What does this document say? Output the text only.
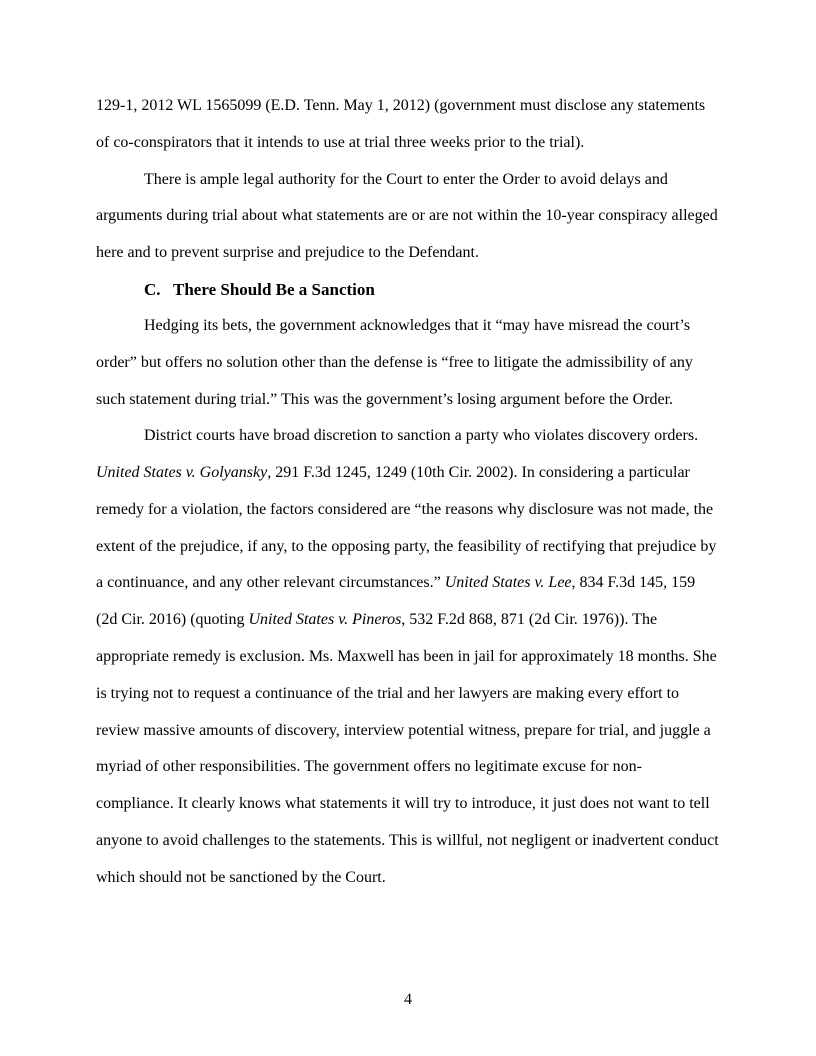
129-1, 2012 WL 1565099 (E.D. Tenn. May 1, 2012) (government must disclose any statements

of co-conspirators that it intends to use at trial three weeks prior to the trial).

There is ample legal authority for the Court to enter the Order to avoid delays and

arguments during trial about what statements are or are not within the 10-year conspiracy alleged

here and to prevent surprise and prejudice to the Defendant.

C. There Should Be a Sanction

Hedging its bets, the government acknowledges that it “may have misread the court’s

order” but offers no solution other than the defense is “free to litigate the admissibility of any

such statement during trial.” This was the government’s losing argument before the Order.

District courts have broad discretion to sanction a party who violates discovery orders.

United States v. Golyansky, 291 F.3d 1245, 1249 (10th Cir. 2002). In considering a particular

remedy for a violation, the factors considered are “the reasons why disclosure was not made, the

extent of the prejudice, if any, to the opposing party, the feasibility of rectifying that prejudice by

a continuance, and any other relevant circumstances.” United States v. Lee, 834 F.3d 145, 159

(2d Cir. 2016) (quoting United States v. Pineros, 532 F.2d 868, 871 (2d Cir. 1976)). The

appropriate remedy is exclusion. Ms. Maxwell has been in jail for approximately 18 months. She

is trying not to request a continuance of the trial and her lawyers are making every effort to

review massive amounts of discovery, interview potential witness, prepare for trial, and juggle a

myriad of other responsibilities. The government offers no legitimate excuse for non-

compliance. It clearly knows what statements it will try to introduce, it just does not want to tell

anyone to avoid challenges to the statements. This is willful, not negligent or inadvertent conduct

which should not be sanctioned by the Court.

4
